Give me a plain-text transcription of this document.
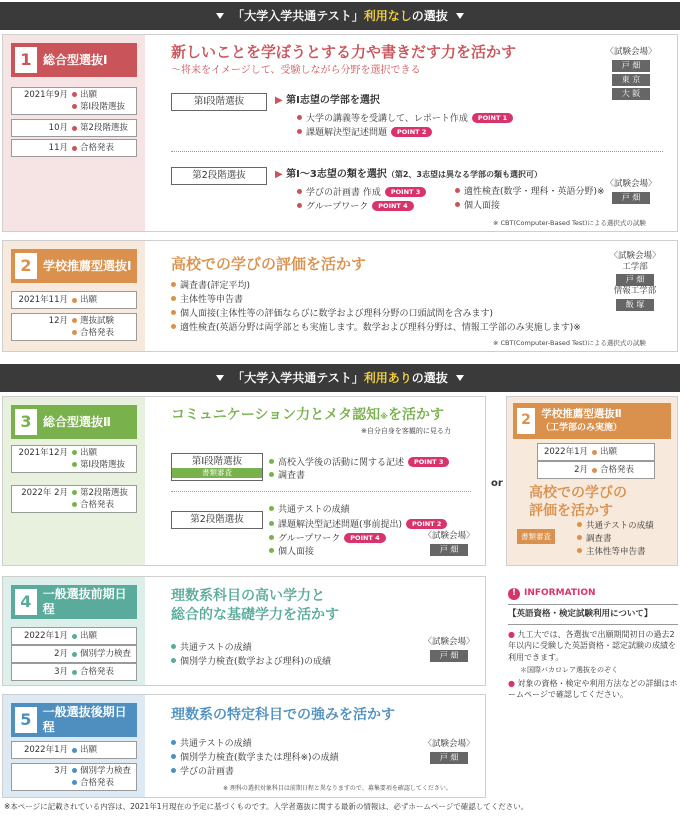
「大学入学共通テスト」 利用なし の選抜
1 総合型選抜Ⅰ
2021年9月	出願
第Ⅰ段階選抜
10月	第2段階選抜
11月	合格発表
新しいことを学ぼうとする力や書きだす力を活かす
～将来をイメージして、受験しながら分野を選択できる
第Ⅰ段階選抜	▶ 第Ⅰ志望の学部を選択
大学の講義等を受講して、レポート作成 POINT 1
課題解決型記述問題 POINT 2
第2段階選抜	▶ 第Ⅰ～3志望の類を選択（第2、3志望は異なる学部の類も選択可）
学びの計画書 作成 POINT 3
グループワーク POINT 4
適性検査(数学・理科・英語分野)※
個人面接
〈試験会場〉
戸 畑
東 京
大 阪
〈試験会場〉
戸 畑
※ CBT(Computer-Based Test)による選択式の試験
2 学校推薦型選抜Ⅰ
2021年11月	出願
12月	選抜試験
合格発表
高校での学びの評価を活かす
調査書(評定平均)
主体性等申告書
個人面接(主体性等の評価ならびに数学および理科分野の口頭試問を含みます)
適性検査(英語分野は両学部とも実施します。数学および理科分野は、情報工学部のみ実施します)※
〈試験会場〉
工学部
戸 畑
情報工学部
飯 塚
※ CBT(Computer-Based Test)による選択式の試験
「大学入学共通テスト」 利用あり の選抜
3 総合型選抜Ⅱ
2021年12月	出願
第Ⅰ段階選抜
2022年 2月	第2段階選抜
合格発表
コミュニケーション力とメタ認知※を活かす
※自分自身を客観的に見る力
第Ⅰ段階選抜
書類審査
高校入学後の活動に関する記述 POINT 3
調査書
第2段階選抜
共通テストの成績
課題解決型記述問題(事前提出) POINT 2
グループワーク POINT 4
個人面接
〈試験会場〉
戸 畑
or
2 学校推薦型選抜Ⅱ
（工学部のみ実施）
2022年1月	出願
2月	合格発表
高校での学びの
評価を活かす
書類審査
共通テストの成績
調査書
主体性等申告書
4 一般選抜前期日程
2022年1月	出願
2月	個別学力検査
3月	合格発表
理数系科目の高い学力と
総合的な基礎学力を活かす
共通テストの成績
個別学力検査(数学および理科)の成績
〈試験会場〉
戸 畑
5 一般選抜後期日程
2022年1月	出願
3月	個別学力検査
合格発表
理数系の特定科目での強みを活かす
共通テストの成績
個別学力検査(数学または理科※)の成績
学びの計画書
〈試験会場〉
戸 畑
※ 理科の選択対象科目は前期日程と異なりますので、募集要項を確認してください。
! INFORMATION
【英語資格・検定試験利用について】
● 九工大では、各選抜で出願期間初日の過去2年以内に受験した英語資格・認定試験の成績を利用できます。
＊国際バカロレア選抜をのぞく
● 対象の資格・検定や利用方法などの詳細はホームページで確認してください。
※本ページに記載されている内容は、2021年1月現在の予定に基づくものです。入学者選抜に関する最新の情報は、必ずホームページで確認してください。
